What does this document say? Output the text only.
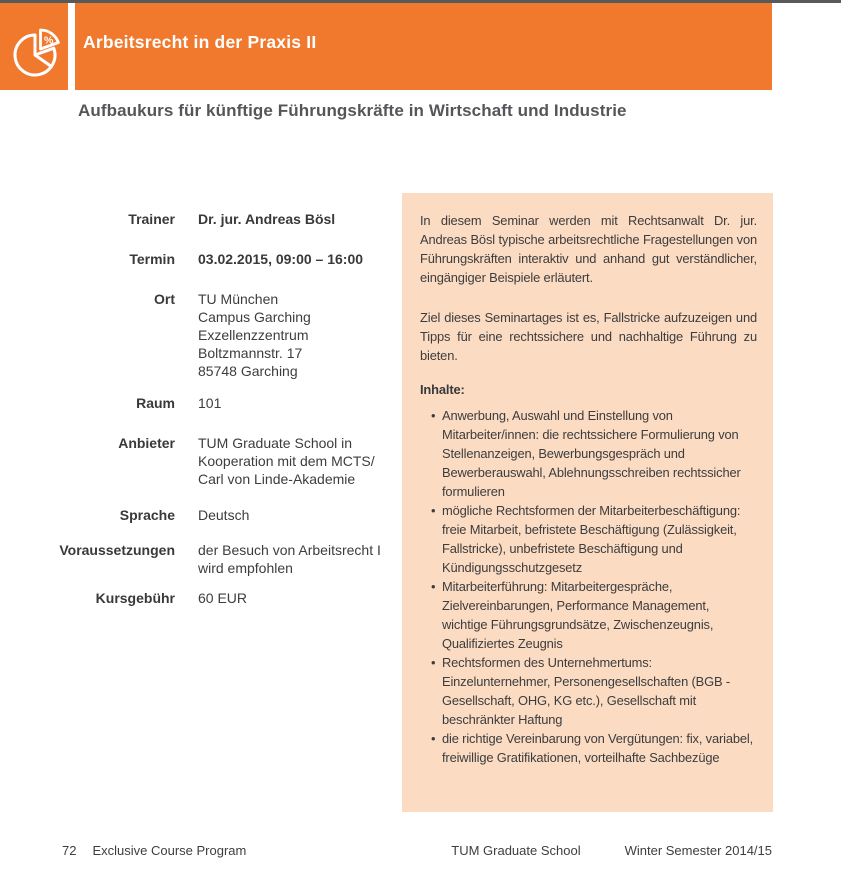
%	Arbeitsrecht in der Praxis II
Aufbaukurs für künftige Führungskräfte in Wirtschaft und Industrie
Trainer Dr. jur. Andreas Bösl
Termin 03.02.2015, 09:00 – 16:00
Ort TU München
Campus Garching
Exzellenzzentrum
Boltzmannstr. 17
85748 Garching
Raum 101
Anbieter TUM Graduate School in
Kooperation mit dem MCTS/
Carl von Linde-Akademie
Sprache Deutsch
Voraussetzungen der Besuch von Arbeitsrecht I
wird empfohlen
Kursgebühr 60 EUR

In diesem Seminar werden mit Rechtsanwalt Dr. jur. Andreas Bösl typische arbeitsrechtliche Fragestellungen von Führungskräften interaktiv und anhand gut verständlicher, eingängiger Beispiele erläutert.

Ziel dieses Seminartages ist es, Fallstricke aufzuzeigen und Tipps für eine rechtssichere und nachhaltige Führung zu bieten.

Inhalte:
• Anwerbung, Auswahl und Einstellung von Mitarbeiter/innen: die rechtssichere Formulierung von Stellenanzeigen, Bewerbungsgespräch und Bewerberauswahl, Ablehnungsschreiben rechtssicher formulieren
• mögliche Rechtsformen der Mitarbeiterbeschäftigung: freie Mitarbeit, befristete Beschäftigung (Zulässigkeit, Fallstricke), unbefristete Beschäftigung und Kündigungsschutzgesetz
• Mitarbeiterführung: Mitarbeitergespräche, Zielvereinbarungen, Performance Management, wichtige Führungsgrundsätze, Zwischenzeugnis, Qualifiziertes Zeugnis
• Rechtsformen des Unternehmertums: Einzelunternehmer, Personengesellschaften (BGB - Gesellschaft, OHG, KG etc.), Gesellschaft mit beschränkter Haftung
• die richtige Vereinbarung von Vergütungen: fix, variabel, freiwillige Gratifikationen, vorteilhafte Sachbezüge
72 Exclusive Course Program	TUM Graduate School	Winter Semester 2014/15
